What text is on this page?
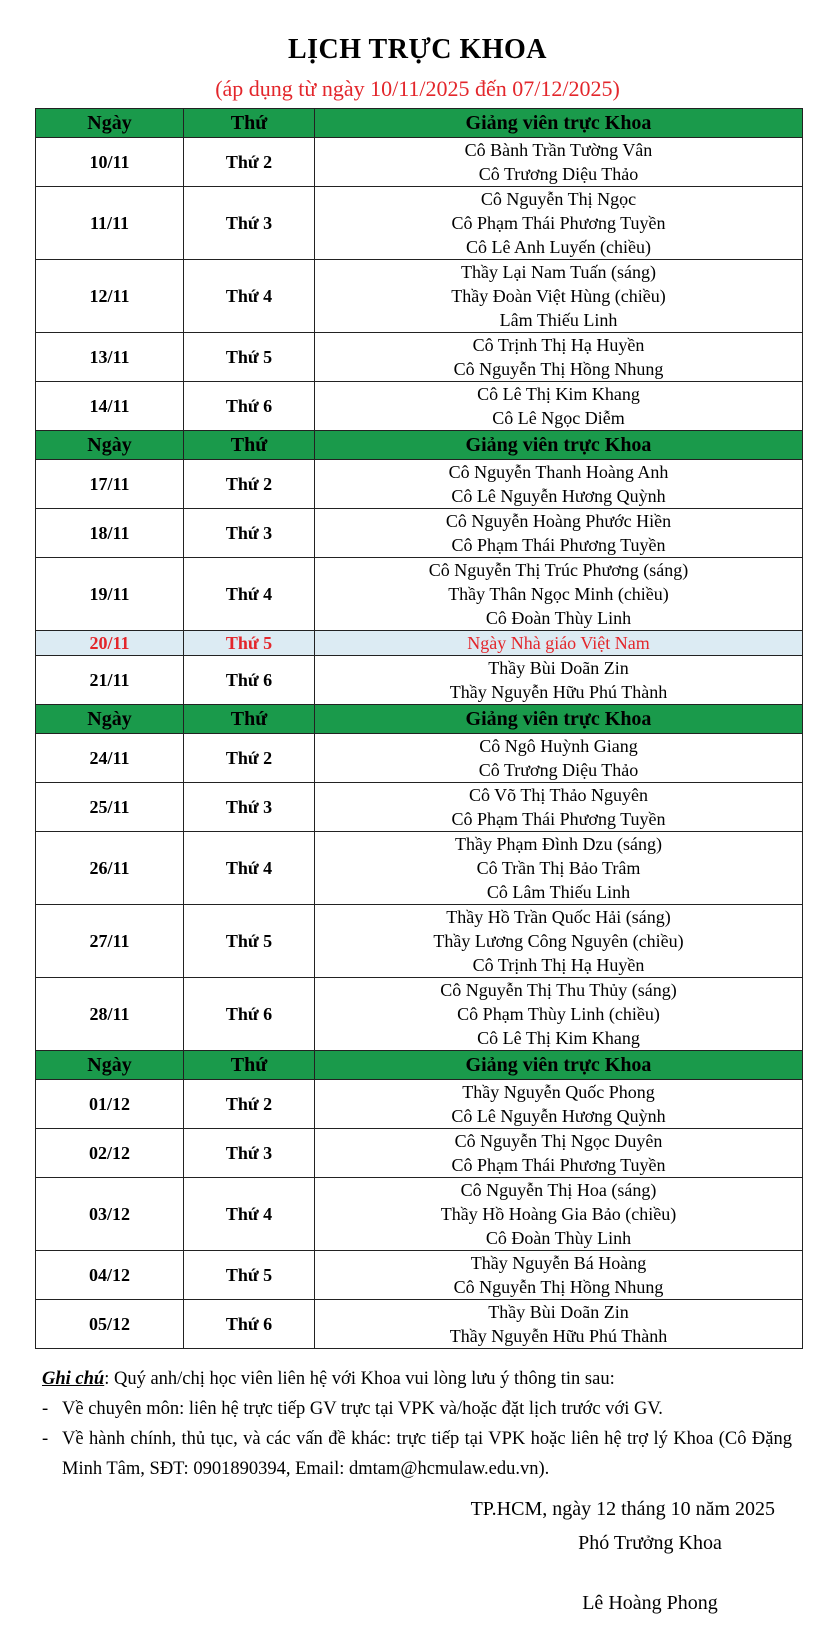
LỊCH TRỰC KHOA
(áp dụng từ ngày 10/11/2025 đến 07/12/2025)
Ngày	Thứ	Giảng viên trực Khoa
10/11	Thứ 2	Cô Bành Trần Tường Vân
Cô Trương Diệu Thảo

11/11	Thứ 3	Cô Nguyễn Thị Ngọc
Cô Phạm Thái Phương Tuyền
Cô Lê Anh Luyến (chiều)

12/11	Thứ 4	Thầy Lại Nam Tuấn (sáng)
Thầy Đoàn Việt Hùng (chiều)
Lâm Thiếu Linh

13/11	Thứ 5	Cô Trịnh Thị Hạ Huyền
Cô Nguyễn Thị Hồng Nhung

14/11	Thứ 6	Cô Lê Thị Kim Khang
Cô Lê Ngọc Diễm

Ngày	Thứ	Giảng viên trực Khoa
17/11	Thứ 2	Cô Nguyễn Thanh Hoàng Anh
Cô Lê Nguyễn Hương Quỳnh

18/11	Thứ 3	Cô Nguyễn Hoàng Phước Hiền
Cô Phạm Thái Phương Tuyền

19/11	Thứ 4	Cô Nguyễn Thị Trúc Phương (sáng)
Thầy Thân Ngọc Minh (chiều)
Cô Đoàn Thùy Linh

20/11	Thứ 5	Ngày Nhà giáo Việt Nam

21/11	Thứ 6	Thầy Bùi Doãn Zin
Thầy Nguyễn Hữu Phú Thành

Ngày	Thứ	Giảng viên trực Khoa
24/11	Thứ 2	Cô Ngô Huỳnh Giang
Cô Trương Diệu Thảo

25/11	Thứ 3	Cô Võ Thị Thảo Nguyên
Cô Phạm Thái Phương Tuyền

26/11	Thứ 4	Thầy Phạm Đình Dzu (sáng)
Cô Trần Thị Bảo Trâm
Cô Lâm Thiếu Linh

27/11	Thứ 5	Thầy Hồ Trần Quốc Hải (sáng)
Thầy Lương Công Nguyên (chiều)
Cô Trịnh Thị Hạ Huyền

28/11	Thứ 6	Cô Nguyễn Thị Thu Thủy (sáng)
Cô Phạm Thùy Linh (chiều)
Cô Lê Thị Kim Khang

Ngày	Thứ	Giảng viên trực Khoa
01/12	Thứ 2	Thầy Nguyễn Quốc Phong
Cô Lê Nguyễn Hương Quỳnh

02/12	Thứ 3	Cô Nguyễn Thị Ngọc Duyên
Cô Phạm Thái Phương Tuyền

03/12	Thứ 4	Cô Nguyễn Thị Hoa (sáng)
Thầy Hồ Hoàng Gia Bảo (chiều)
Cô Đoàn Thùy Linh

04/12	Thứ 5	Thầy Nguyễn Bá Hoàng
Cô Nguyễn Thị Hồng Nhung

05/12	Thứ 6	Thầy Bùi Doãn Zin
Thầy Nguyễn Hữu Phú Thành
Ghi chú: Quý anh/chị học viên liên hệ với Khoa vui lòng lưu ý thông tin sau:
- Về chuyên môn: liên hệ trực tiếp GV trực tại VPK và/hoặc đặt lịch trước với GV.
- Về hành chính, thủ tục, và các vấn đề khác: trực tiếp tại VPK hoặc liên hệ trợ lý Khoa (Cô Đặng Minh Tâm, SĐT: 0901890394, Email: dmtam@hcmulaw.edu.vn).
TP.HCM, ngày 12 tháng 10 năm 2025
Phó Trưởng Khoa
Lê Hoàng Phong
